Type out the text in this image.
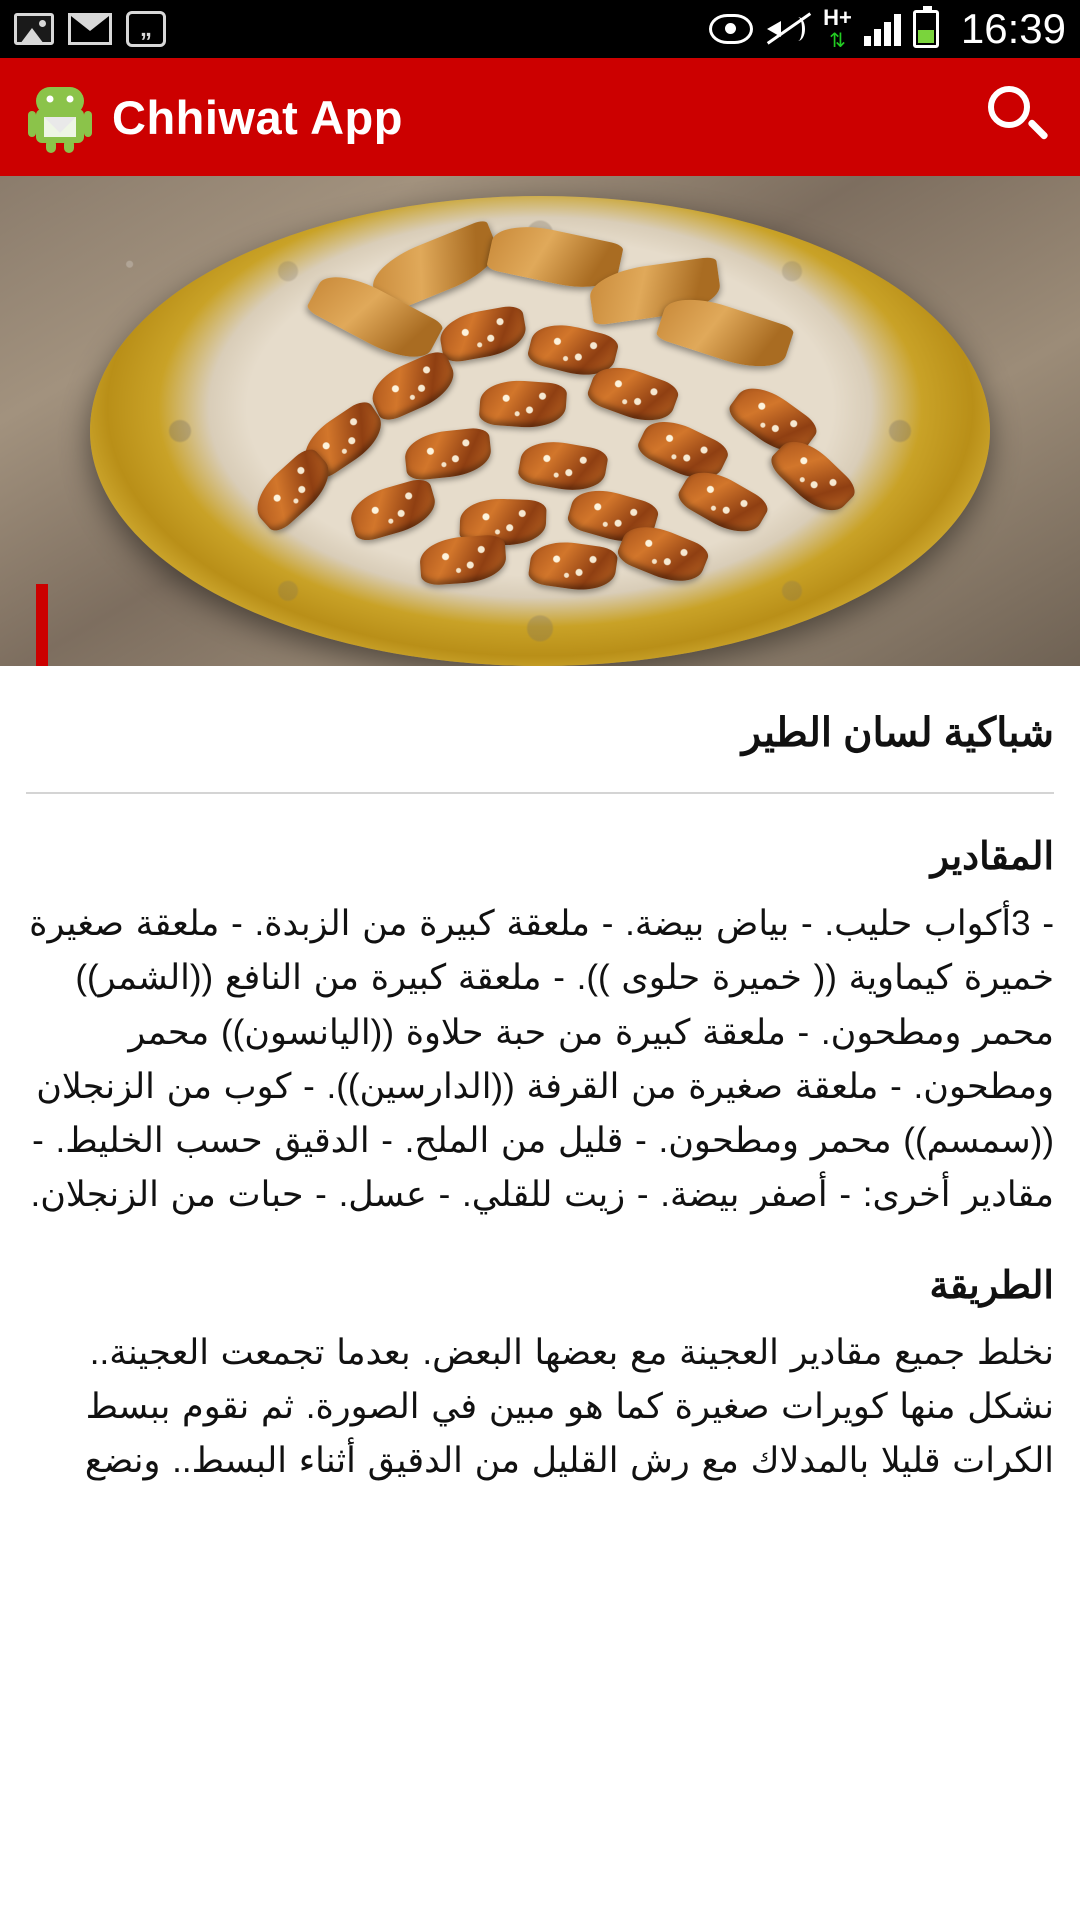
„	H+
⇅	16:39
Chhiwat App
شباكية لسان الطير
المقادير
- 3أكواب حليب. - بياض بيضة. - ملعقة كبيرة من الزبدة. - ملعقة صغيرة خميرة كيماوية (( خميرة حلوى )). - ملعقة كبيرة من النافع ((الشمر)) محمر ومطحون. - ملعقة كبيرة من حبة حلاوة ((اليانسون)) محمر ومطحون. - ملعقة صغيرة من القرفة ((الدارسين)). - كوب من الزنجلان ((سمسم)) محمر ومطحون. - قليل من الملح. - الدقيق حسب الخليط. - مقادير أخرى: - أصفر بيضة. - زيت للقلي. - عسل. - حبات من الزنجلان.
الطريقة
نخلط جميع مقادير العجينة مع بعضها البعض. بعدما تجمعت العجينة.. نشكل منها كويرات صغيرة كما هو مبين في الصورة. ثم نقوم ببسط الكرات قليلا بالمدلاك مع رش القليل من الدقيق أثناء البسط.. ونضع
